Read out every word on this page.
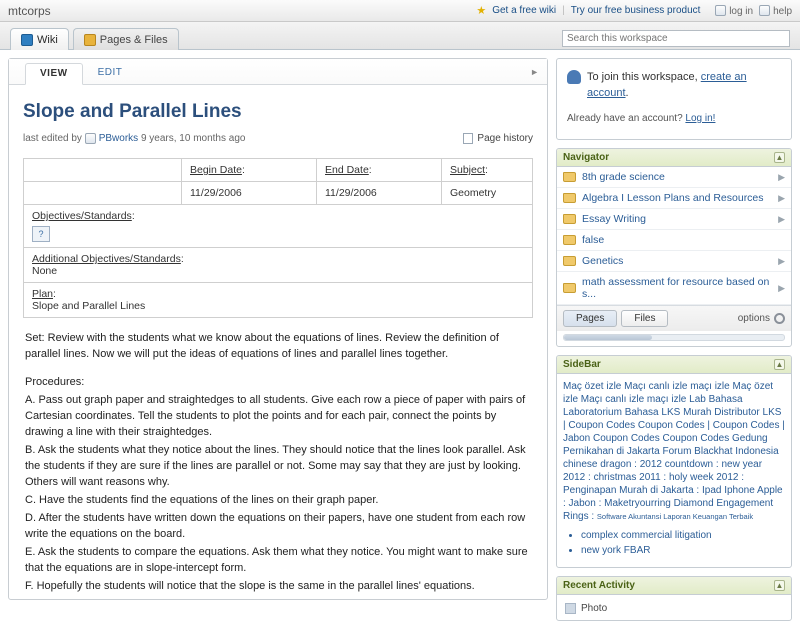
mtcorps	★ Get a free wiki | Try our free business product
	log in	help
Wiki	Pages & Files
Search this workspace
VIEW	EDIT	►
Slope and Parallel Lines
last edited by
PBworks
9 years, 10 months ago	Page history

Begin Date:	End Date:	Subject:

11/29/2006	11/29/2006	Geometry
Objectives/Standards:
?
Additional Objectives/Standards:
None
Plan:
Slope and Parallel Lines

Set: Review with the students what we know about the equations of lines. Review the definition of parallel lines. Now we will put the ideas of equations of lines and parallel lines together.

Procedures:

A. Pass out graph paper and straightedges to all students. Give each row a piece of paper with pairs of Cartesian coordinates. Tell the students to plot the points and for each pair, connect the points by drawing a line with their straightedges.

B. Ask the students what they notice about the lines. They should notice that the lines look parallel. Ask the students if they are sure if the lines are parallel or not. Some may say that they are just by looking. Others will want reasons why.

C. Have the students find the equations of the lines on their graph paper.

D. After the students have written down the equations on their papers, have one student from each row write the equations on the board.

E. Ask the students to compare the equations. Ask them what they notice. You might want to make sure that the equations are in slope-intercept form.

F. Hopefully the students will notice that the slope is the same in the parallel lines' equations.

To join this workspace, create an account.
Already have an account? Log in!
Navigator	▲
8th grade science	▶
Algebra I Lesson Plans and Resources ▶
Essay Writing	▶
false
Genetics	▶
math assessment for resource based on s...
▶
Pages	Files	options
SideBar	▲
Maç özet izle Maçı canlı izle maçı izle Maç özet izle Maçı canlı izle maçı izle Lab Bahasa Laboratorium Bahasa LKS Murah Distributor LKS | Coupon Codes Coupon Codes | Coupon Codes | Jabon Coupon Codes Coupon Codes Gedung Pernikahan di Jakarta Forum Blackhat Indonesia chinese dragon : 2012 countdown : new year 2012 : christmas 2011 : holy week 2012 : Penginapan Murah di Jakarta : Ipad Iphone Apple : Jabon : Maketryourring Diamond Engagement Rings : Software Akuntansi Laporan Keuangan Terbaik
• complex commercial litigation
• new york FBAR
Recent Activity	▲
Photo
